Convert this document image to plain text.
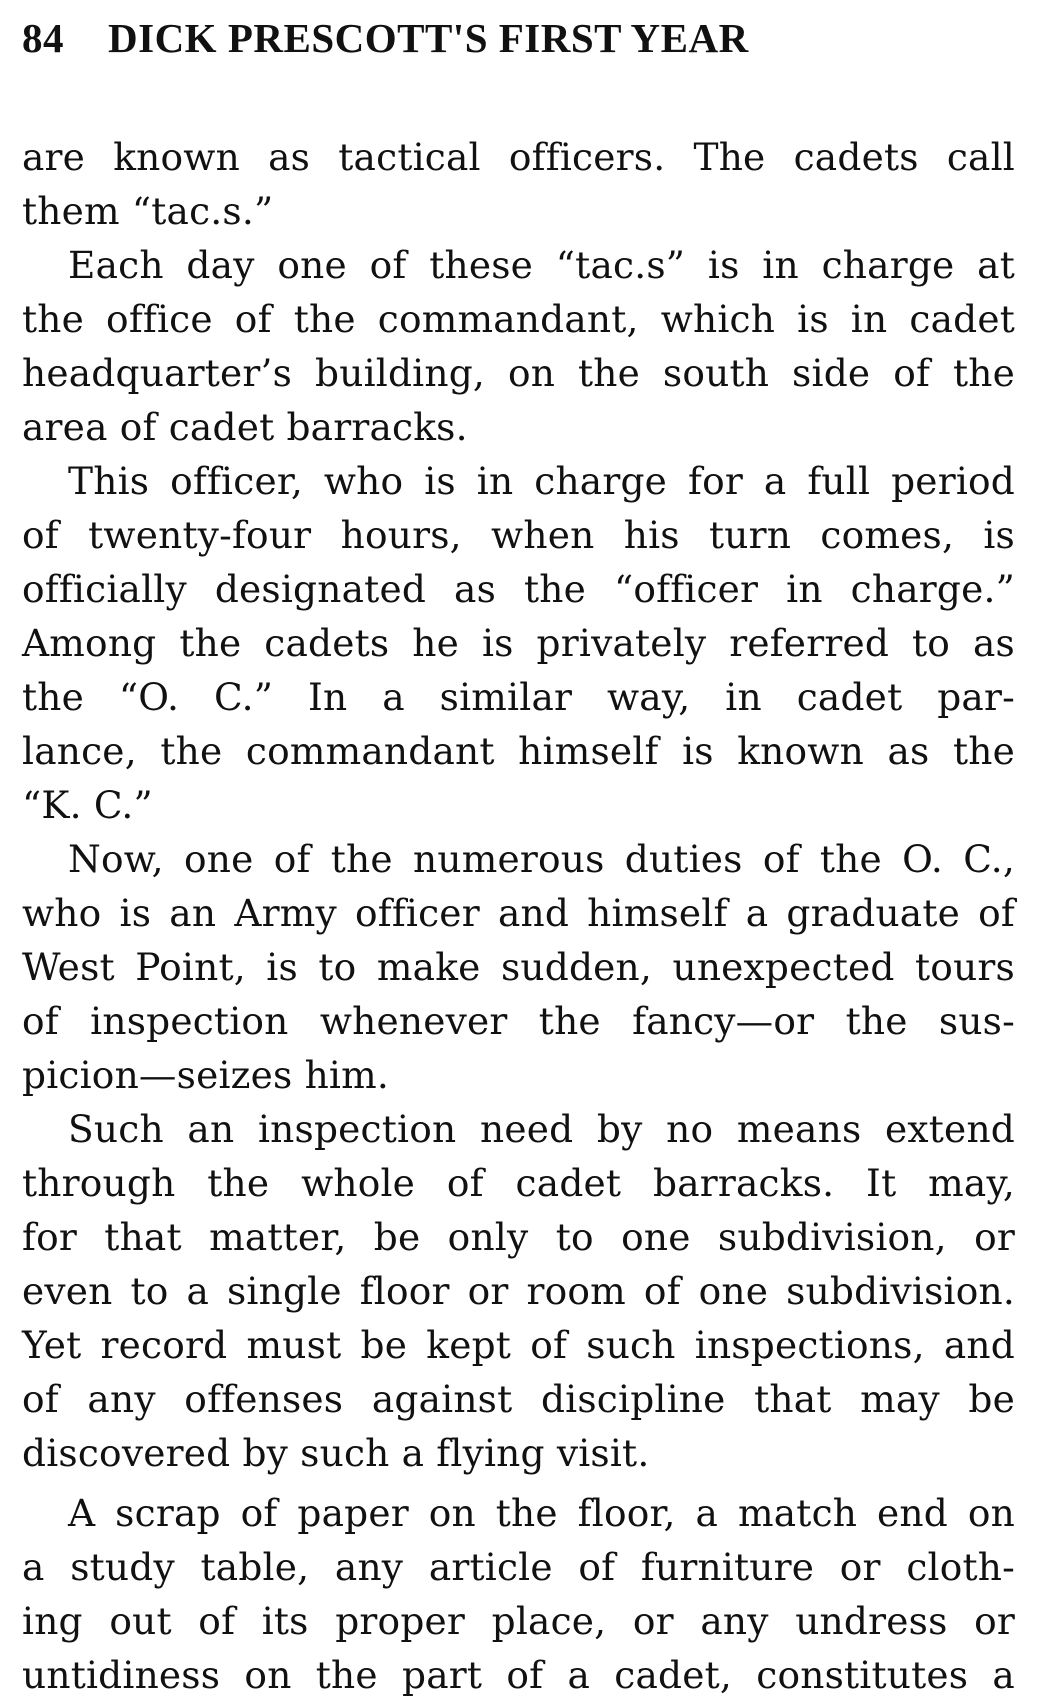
84	DICK PRESCOTT'S FIRST YEAR

are known as tactical officers. The cadets call

them “tac.s.”

Each day one of these “tac.s” is in charge at

the office of the commandant, which is in cadet

headquarter’s building, on the south side of the

area of cadet barracks.

This officer, who is in charge for a full period

of twenty-four hours, when his turn comes, is

officially designated as the “officer in charge.”

Among the cadets he is privately referred to as

the “O. C.” In a similar way, in cadet par-

lance, the commandant himself is known as the

“K. C.”

Now, one of the numerous duties of the O. C.,

who is an Army officer and himself a graduate of

West Point, is to make sudden, unexpected tours

of inspection whenever the fancy—or the sus-

picion—seizes him.

Such an inspection need by no means extend

through the whole of cadet barracks. It may,

for that matter, be only to one subdivision, or

even to a single floor or room of one subdivision.

Yet record must be kept of such inspections, and

of any offenses against discipline that may be

discovered by such a flying visit.

A scrap of paper on the floor, a match end on

a study table, any article of furniture or cloth-

ing out of its proper place, or any undress or

untidiness on the part of a cadet, constitutes a
